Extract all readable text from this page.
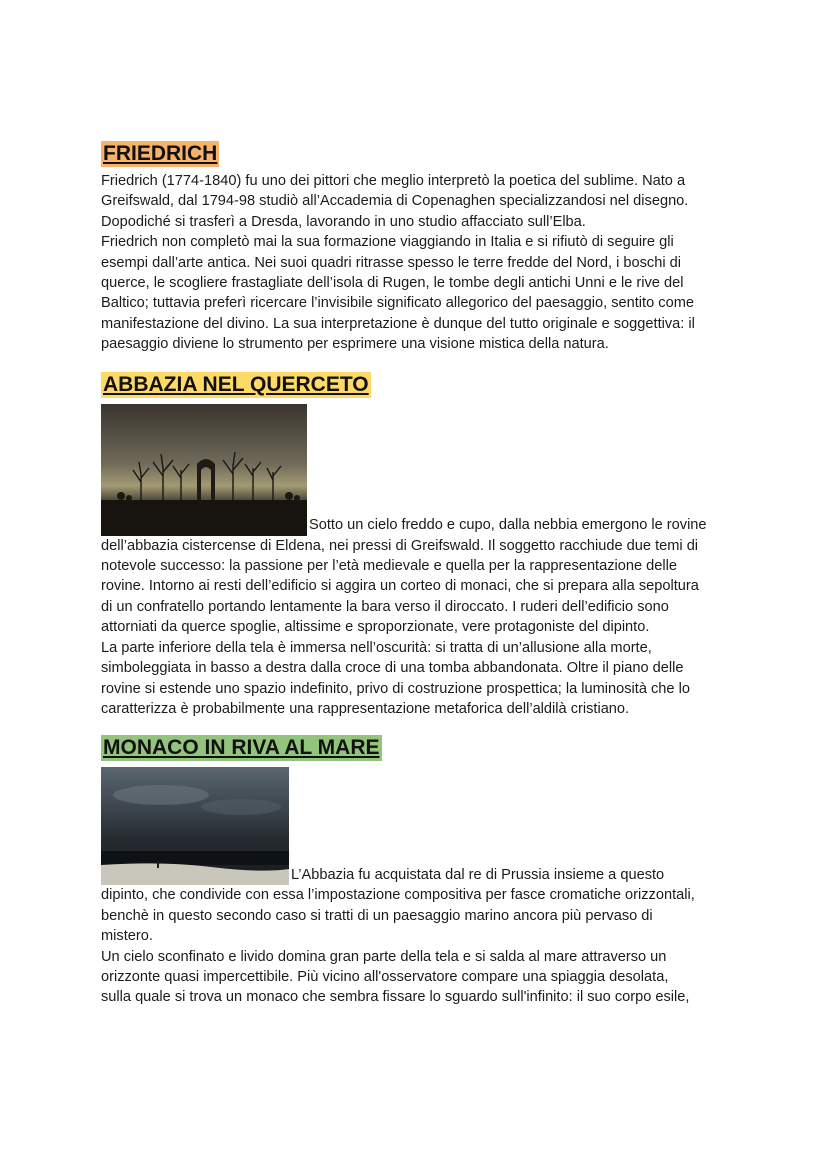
FRIEDRICH
Friedrich (1774-1840) fu uno dei pittori che meglio interpretò la poetica del sublime. Nato a
Greifswald, dal 1794-98 studiò all’Accademia di Copenaghen specializzandosi nel disegno.
Dopodiché si trasferì a Dresda, lavorando in uno studio affacciato sull’Elba.
Friedrich non completò mai la sua formazione viaggiando in Italia e si rifiutò di seguire gli
esempi dall’arte antica. Nei suoi quadri ritrasse spesso le terre fredde del Nord, i boschi di
querce, le scogliere frastagliate dell’isola di Rugen, le tombe degli antichi Unni e le rive del
Baltico; tuttavia preferì ricercare l’invisibile significato allegorico del paesaggio, sentito come
manifestazione del divino. La sua interpretazione è dunque del tutto originale e soggettiva: il
paesaggio diviene lo strumento per esprimere una visione mistica della natura.
ABBAZIA NEL QUERCETO
Sotto un cielo freddo e cupo, dalla nebbia emergono le rovine
dell’abbazia cistercense di Eldena, nei pressi di Greifswald. Il soggetto racchiude due temi di
notevole successo: la passione per l’età medievale e quella per la rappresentazione delle
rovine. Intorno ai resti dell’edificio si aggira un corteo di monaci, che si prepara alla sepoltura
di un confratello portando lentamente la bara verso il diroccato. I ruderi dell’edificio sono
attorniati da querce spoglie, altissime e sproporzionate, vere protagoniste del dipinto.
La parte inferiore della tela è immersa nell’oscurità: si tratta di un’allusione alla morte,
simboleggiata in basso a destra dalla croce di una tomba abbandonata. Oltre il piano delle
rovine si estende uno spazio indefinito, privo di costruzione prospettica; la luminosità che lo
caratterizza è probabilmente una rappresentazione metaforica dell’aldilà cristiano.
MONACO IN RIVA AL MARE
L’Abbazia fu acquistata dal re di Prussia insieme a questo
dipinto, che condivide con essa l’impostazione compositiva per fasce cromatiche orizzontali,
benchè in questo secondo caso si tratti di un paesaggio marino ancora più pervaso di
mistero.
Un cielo sconfinato e livido domina gran parte della tela e si salda al mare attraverso un
orizzonte quasi impercettibile. Più vicino all'osservatore compare una spiaggia desolata,
sulla quale si trova un monaco che sembra fissare lo sguardo sull'infinito: il suo corpo esile,
